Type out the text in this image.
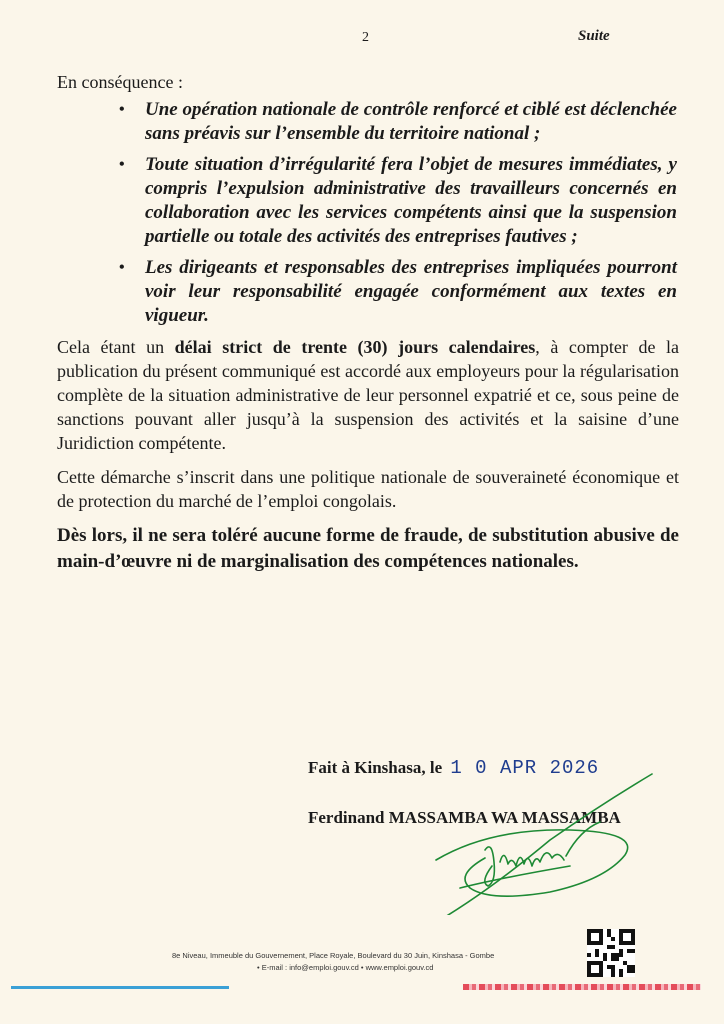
2	Suite
En conséquence :
• Une opération nationale de contrôle renforcé et ciblé est déclenchée sans préavis sur l’ensemble du territoire national ;
• Toute situation d’irrégularité fera l’objet de mesures immédiates, y compris l’expulsion administrative des travailleurs concernés en collaboration avec les services compétents ainsi que la suspension partielle ou totale des activités des entreprises fautives ;
• Les dirigeants et responsables des entreprises impliquées pourront voir leur responsabilité engagée conformément aux textes en vigueur.

Cela étant un délai strict de trente (30) jours calendaires, à compter de la publication du présent communiqué est accordé aux employeurs pour la régularisation complète de la situation administrative de leur personnel expatrié et ce, sous peine de sanctions pouvant aller jusqu’à la suspension des activités et la saisine d’une Juridiction compétente.

Cette démarche s’inscrit dans une politique nationale de souveraineté économique et de protection du marché de l’emploi congolais.

Dès lors, il ne sera toléré aucune forme de fraude, de substitution abusive de main-d’œuvre ni de marginalisation des compétences nationales.

Fait à Kinshasa, le 1 0 APR 2026
Ferdinand MASSAMBA WA MASSAMBA
8e Niveau, Immeuble du Gouvernement, Place Royale, Boulevard du 30 Juin, Kinshasa - Gombe
• E-mail : info@emploi.gouv.cd • www.emploi.gouv.cd
